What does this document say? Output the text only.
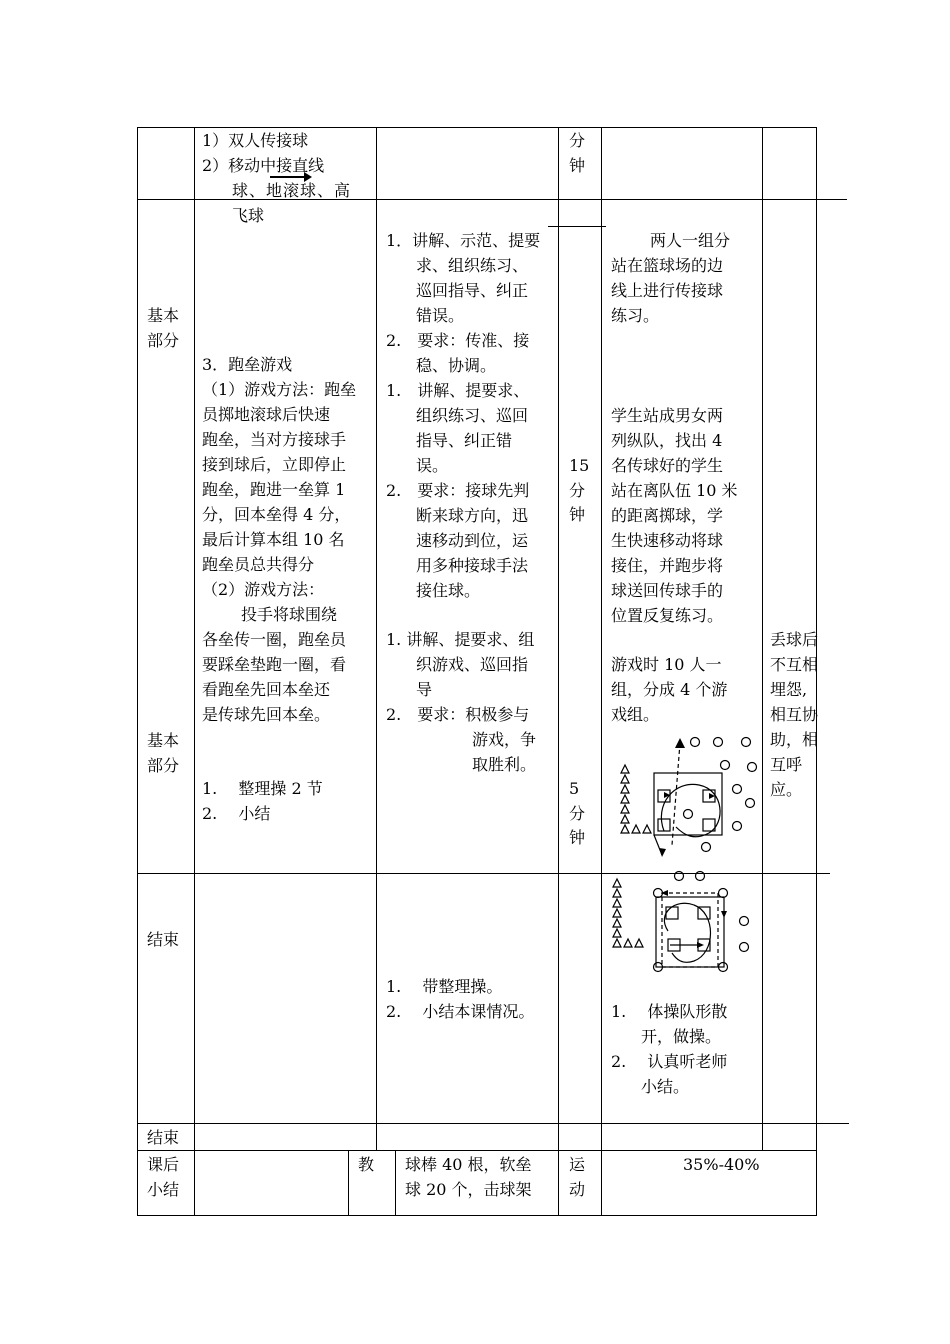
基本
部分
基本
部分
结束
结束
课后
小结
1）双人传接球
2）移动中接直线
球、地滚球、高
飞球
3．跑垒游戏
（1）游戏方法：跑垒
员掷地滚球后快速
跑垒，当对方接球手
接到球后，立即停止
跑垒，跑进一垒算 1
分，回本垒得 4 分，
最后计算本组 10 名
跑垒员总共得分
（2）游戏方法：
投手将球围绕
各垒传一圈，跑垒员
要踩垒垫跑一圈，看
看跑垒先回本垒还
是传球先回本垒。
1.　 整理操 2 节
2.　 小结
1．讲解、示范、提要
求、组织练习、
巡回指导、纠正
错误。
2.　要求：传准、接
稳、协调。
1.　讲解、提要求、
组织练习、巡回
指导、纠正错
误。
2.　要求：接球先判
断来球方向，迅
速移动到位，运
用多种接球手法
接住球。
1. 讲解、提要求、组
织游戏、巡回指
导
2.　要求：积极参与
游戏，争
取胜利。
1.　 带整理操。
2.　 小结本课情况。
教 球棒 40 根，软垒
球 20 个，击球架
分
钟
15
分
钟
5
分
钟
运
动
两人一组分
站在篮球场的边
线上进行传接球
练习。
学生站成男女两
列纵队，找出 4
名传球好的学生
站在离队伍 10 米
的距离掷球，学
生快速移动将球
接住，并跑步将
球送回传球手的
位置反复练习。
游戏时 10 人一
组，分成 4 个游
戏组。
1.　 体操队形散
开，做操。
2.　 认真听老师
小结。
35%-40%
丢球后
不互相
埋怨,
相互协
助，相
互呼
应。
